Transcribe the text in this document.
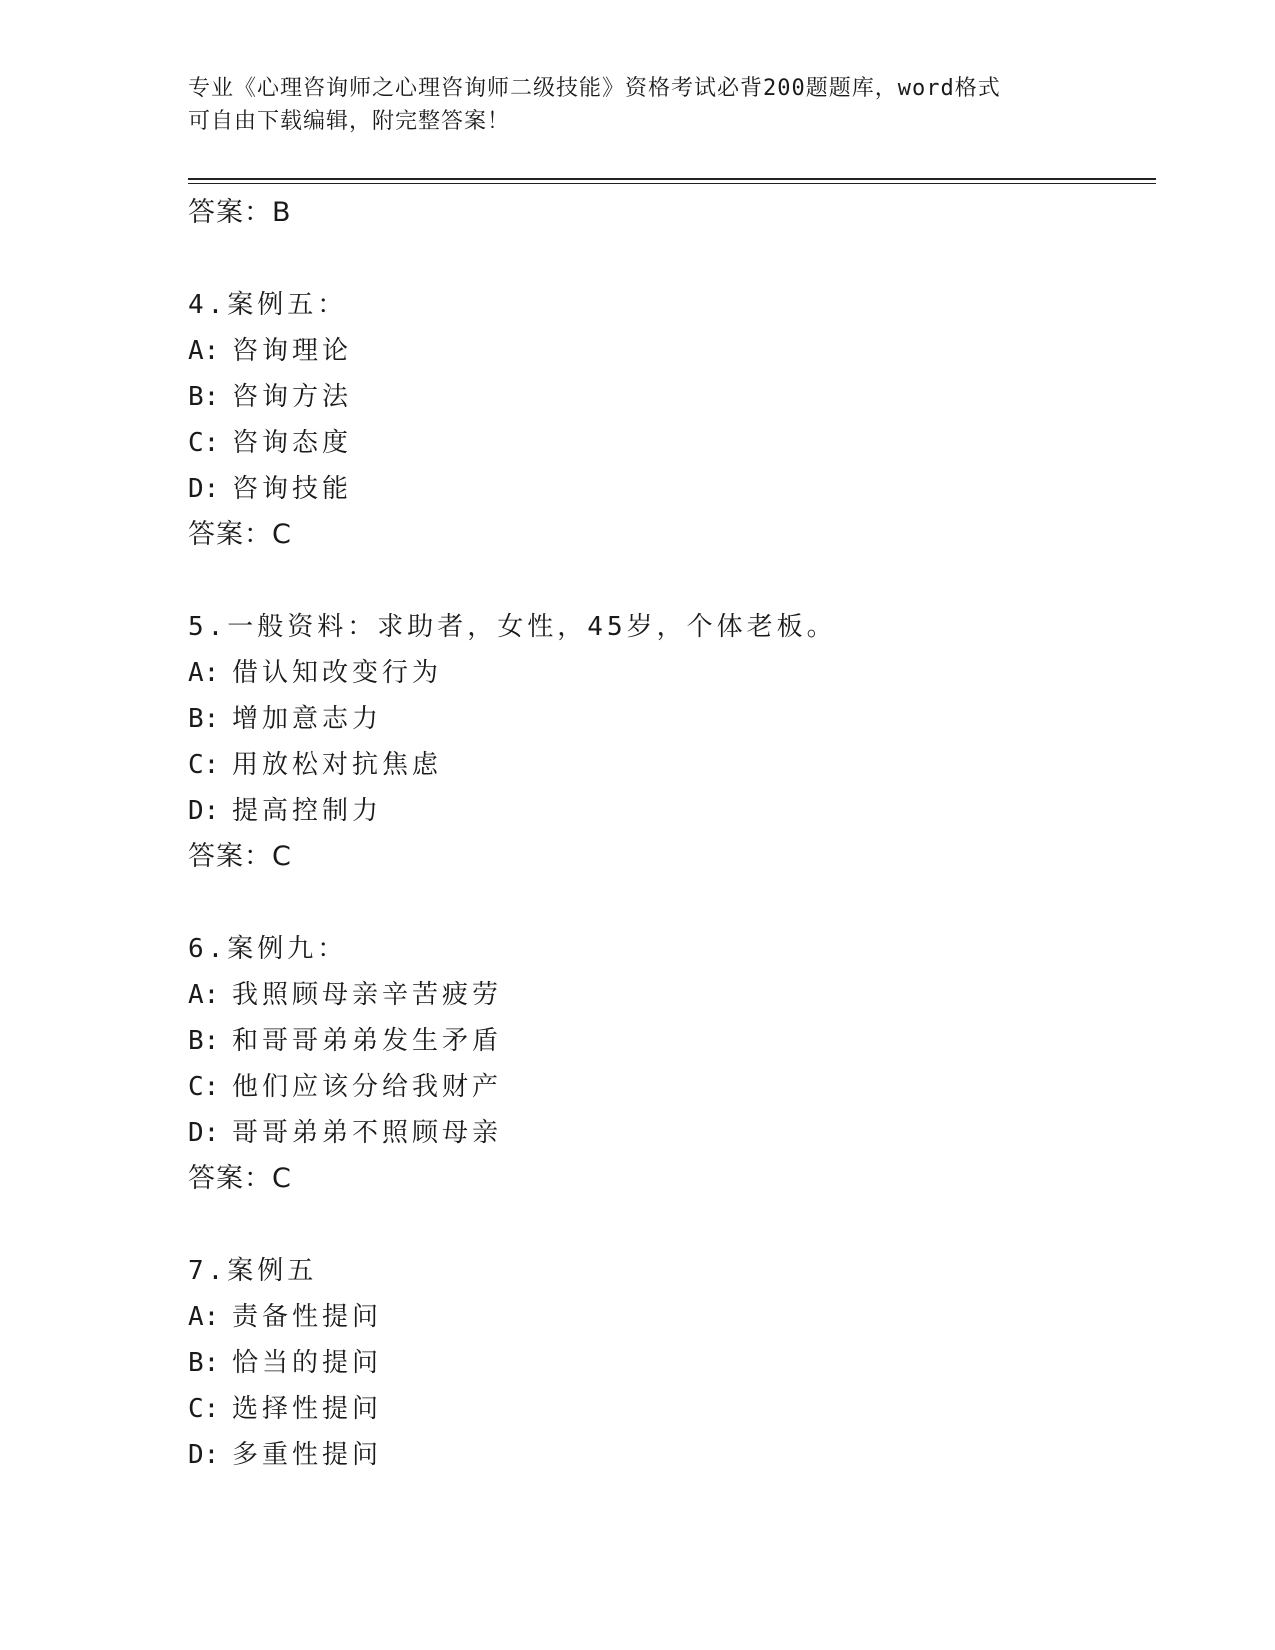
专业《心理咨询师之心理咨询师二级技能》资格考试必背200题题库，word格式
可自由下载编辑，附完整答案！
答案：B
4.案例五：
A: 咨询理论
B: 咨询方法
C: 咨询态度
D: 咨询技能
答案：C
5.一般资料：求助者，女性，45岁，个体老板。
A: 借认知改变行为
B: 增加意志力
C: 用放松对抗焦虑
D: 提高控制力
答案：C
6.案例九：
A: 我照顾母亲辛苦疲劳
B: 和哥哥弟弟发生矛盾
C: 他们应该分给我财产
D: 哥哥弟弟不照顾母亲
答案：C
7.案例五
A: 责备性提问
B: 恰当的提问
C: 选择性提问
D: 多重性提问
